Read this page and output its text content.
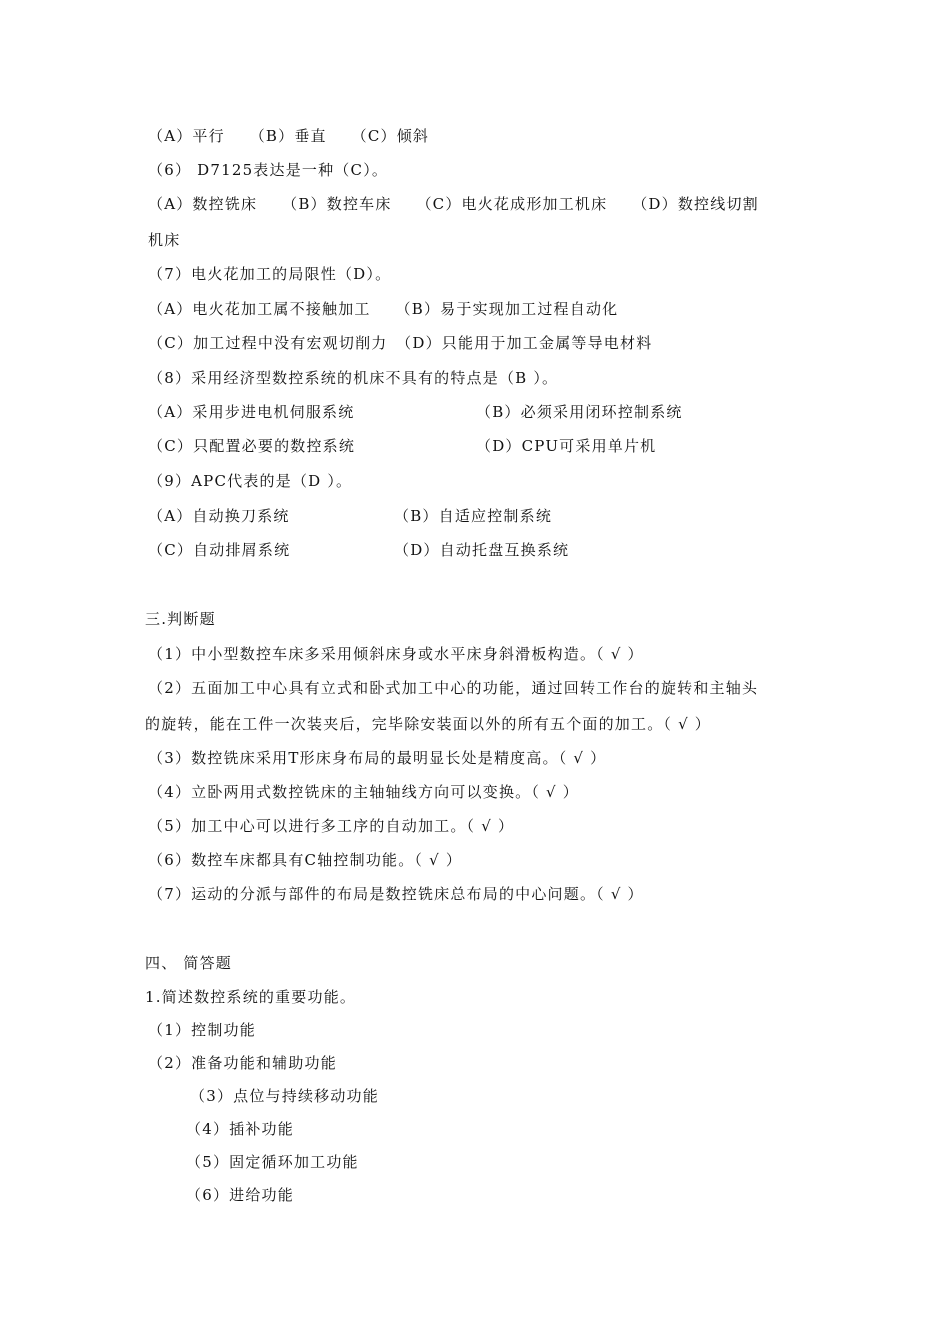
（A）平行　　（B）垂直　　（C）倾斜
（6） D7125表达是一种（C）。
（A）数控铣床　　（B）数控车床　　（C）电火花成形加工机床　　（D）数控线切割
机床
（7）电火花加工的局限性（D）。
（A）电火花加工属不接触加工　　（B）易于实现加工过程自动化
（C）加工过程中没有宏观切削力　（D）只能用于加工金属等导电材料
（8）采用经济型数控系统的机床不具有的特点是（B ）。
（A）采用步进电机伺服系统	（B）必须采用闭环控制系统
（C）只配置必要的数控系统	（D）CPU可采用单片机
（9）APC代表的是（D ）。
（A）自动换刀系统	（B）自适应控制系统
（C）自动排屑系统	（D）自动托盘互换系统
三.判断题
（1）中小型数控车床多采用倾斜床身或水平床身斜滑板构造。（ √ ）
（2）五面加工中心具有立式和卧式加工中心的功能，通过回转工作台的旋转和主轴头
的旋转，能在工件一次装夹后，完毕除安装面以外的所有五个面的加工。（ √ ）
（3）数控铣床采用T形床身布局的最明显长处是精度高。（ √ ）
（4）立卧两用式数控铣床的主轴轴线方向可以变换。（ √ ）
（5）加工中心可以进行多工序的自动加工。（ √ ）
（6）数控车床都具有C轴控制功能。（ √ ）
（7）运动的分派与部件的布局是数控铣床总布局的中心问题。（ √ ）
四、 简答题
1.简述数控系统的重要功能。
（1）控制功能
（2）准备功能和辅助功能
（3）点位与持续移动功能
（4）插补功能
（5）固定循环加工功能
（6）进给功能
